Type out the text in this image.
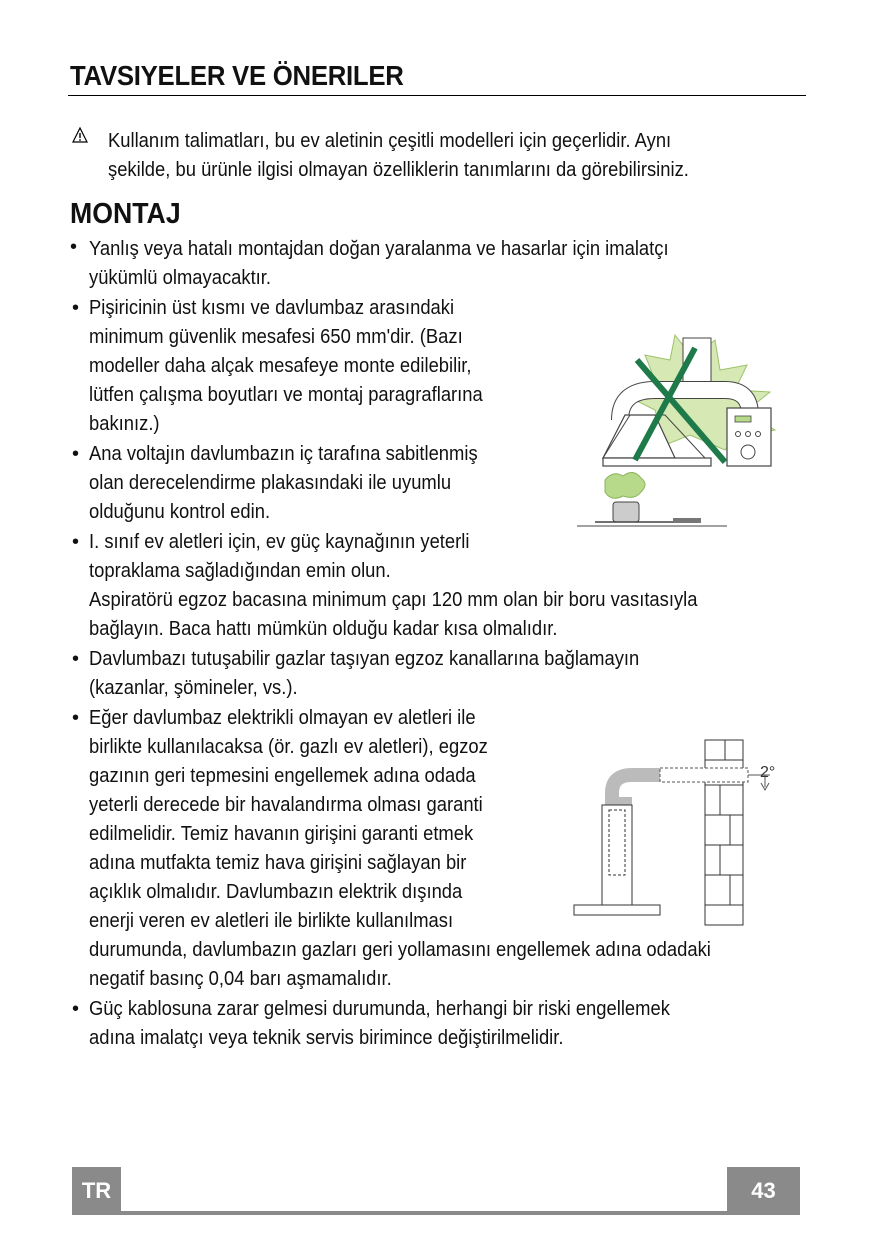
TAVSIYELER VE ÖNERILER
Kullanım talimatları, bu ev aletinin çeşitli modelleri için geçerlidir. Aynı
şekilde, bu ürünle ilgisi olmayan özelliklerin tanımlarını da görebilirsiniz.
MONTAJ
• Yanlış veya hatalı montajdan doğan yaralanma ve hasarlar için imalatçı
yükümlü olmayacaktır.
• Pişiricinin üst kısmı ve davlumbaz arasındaki
minimum güvenlik mesafesi 650 mm'dir. (Bazı
modeller daha alçak mesafeye monte edilebilir,
lütfen çalışma boyutları ve montaj paragraflarına
bakınız.)
• Ana voltajın davlumbazın iç tarafına sabitlenmiş
olan derecelendirme plakasındaki ile uyumlu
olduğunu kontrol edin.
• I. sınıf ev aletleri için, ev güç kaynağının yeterli
topraklama sağladığından emin olun.
Aspiratörü egzoz bacasına minimum çapı 120 mm olan bir boru vasıtasıyla
bağlayın. Baca hattı mümkün olduğu kadar kısa olmalıdır.
• Davlumbazı tutuşabilir gazlar taşıyan egzoz kanallarına bağlamayın
(kazanlar, şömineler, vs.).
• Eğer davlumbaz elektrikli olmayan ev aletleri ile
birlikte kullanılacaksa (ör. gazlı ev aletleri), egzoz
gazının geri tepmesini engellemek adına odada
yeterli derecede bir havalandırma olması garanti
edilmelidir. Temiz havanın girişini garanti etmek
adına mutfakta temiz hava girişini sağlayan bir
açıklık olmalıdır. Davlumbazın elektrik dışında
enerji veren ev aletleri ile birlikte kullanılması
durumunda, davlumbazın gazları geri yollamasını engellemek adına odadaki
negatif basınç 0,04 barı aşmamalıdır.
• Güç kablosuna zarar gelmesi durumunda, herhangi bir riski engellemek
adına imalatçı veya teknik servis birimince değiştirilmelidir.
2°
TR	43
